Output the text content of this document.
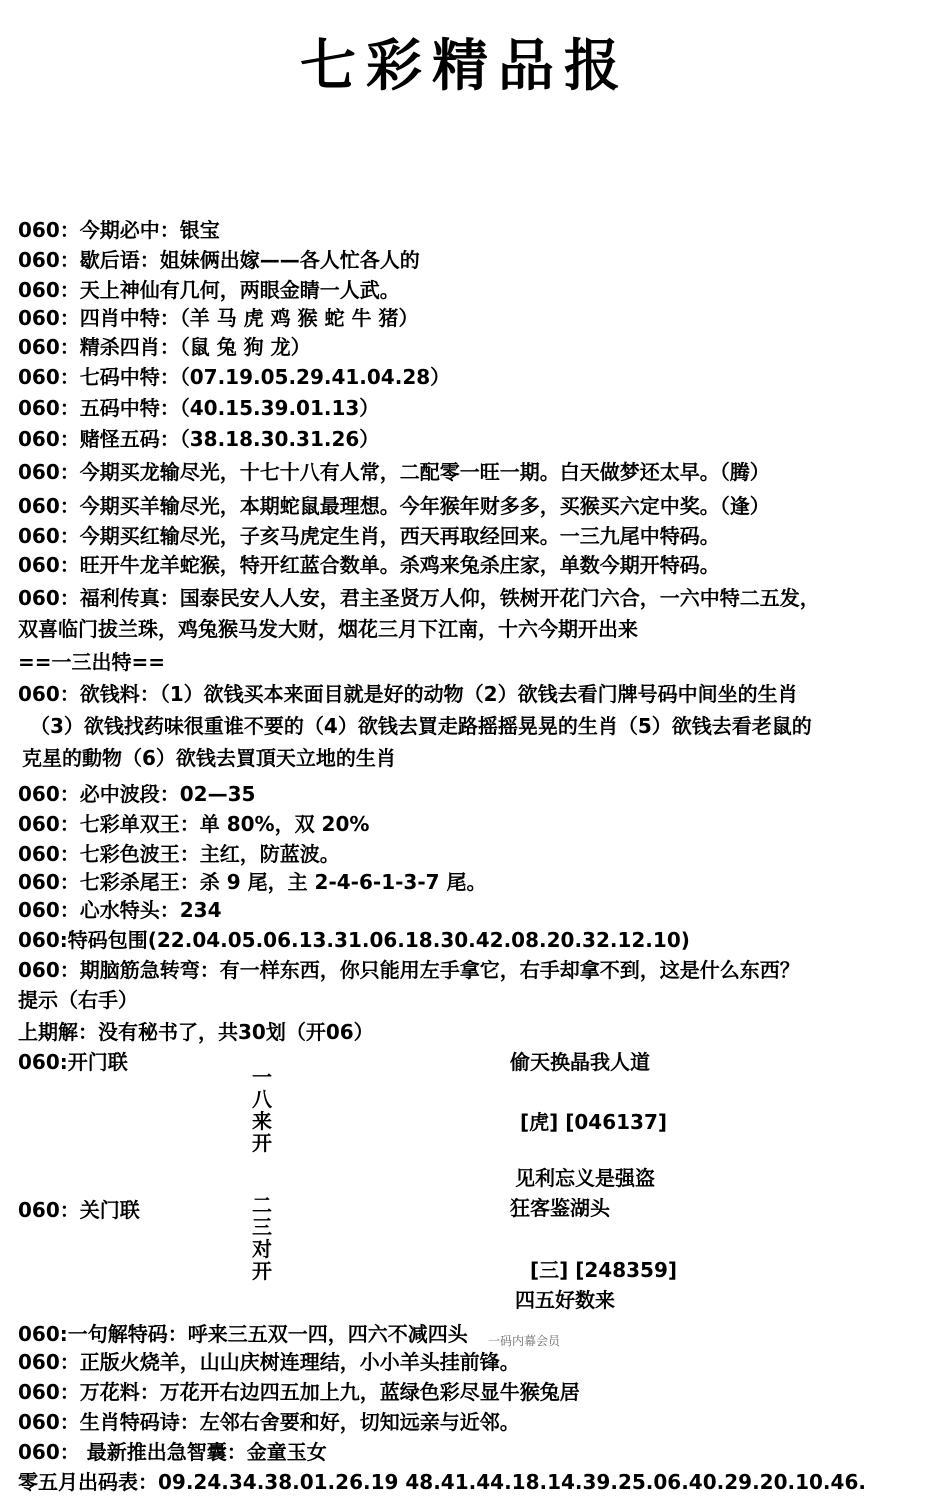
七彩精品报
060：今期必中：银宝
060：歇后语：姐妹俩出嫁——各人忙各人的
060：天上神仙有几何，两眼金睛一人武。
060：四肖中特：（羊 马 虎 鸡 猴 蛇 牛 猪）
060：精杀四肖：（鼠 兔 狗 龙）
060：七码中特：（07.19.05.29.41.04.28）
060：五码中特：（40.15.39.01.13）
060：赌怪五码：（38.18.30.31.26）
060：今期买龙输尽光，十七十八有人常，二配零一旺一期。白天做梦还太早。（腾）
060：今期买羊输尽光，本期蛇鼠最理想。今年猴年财多多，买猴买六定中奖。（逢）
060：今期买红输尽光，子亥马虎定生肖，西天再取经回来。一三九尾中特码。
060：旺开牛龙羊蛇猴，特开红蓝合数单。杀鸡来兔杀庄家，单数今期开特码。
060：福利传真：国泰民安人人安，君主圣贤万人仰，铁树开花门六合，一六中特二五发，
双喜临门拔兰珠，鸡兔猴马发大财，烟花三月下江南，十六今期开出来
==一三出特==
060：欲钱料：（1）欲钱买本来面目就是好的动物（2）欲钱去看门牌号码中间坐的生肖
（3）欲钱找药味很重谁不要的（4）欲钱去買走路摇摇晃晃的生肖（5）欲钱去看老鼠的
克星的動物（6）欲钱去買頂天立地的生肖
060：必中波段：02—35
060：七彩单双王：单 80%，双 20%
060：七彩色波王：主红，防蓝波。
060：七彩杀尾王：杀 9 尾，主 2-4-6-1-3-7 尾。
060：心水特头：234
060:特码包围(22.04.05.06.13.31.06.18.30.42.08.20.32.12.10)
060：期脑筋急转弯：有一样东西，你只能用左手拿它，右手却拿不到，这是什么东西？
提示（右手）
上期解：没有秘书了，共30划（开06）
060:开门联
一
八
来
开
偷天换晶我人道
[虎] [046137]
见利忘义是强盗
060：关门联	二
三
对
开
狂客鉴湖头
[三] [248359]
四五好数来
060:一句解特码：呼来三五双一四，四六不减四头
060：正版火烧羊，山山庆树连理结，小小羊头挂前锋。
060：万花料：万花开右边四五加上九，蓝绿色彩尽显牛猴兔居
060：生肖特码诗：左邻右舍要和好，切知远亲与近邻。
060： 最新推出急智囊：金童玉女
零五月出码表：09.24.34.38.01.26.19 48.41.44.18.14.39.25.06.40.29.20.10.46.
一码内幕会员
